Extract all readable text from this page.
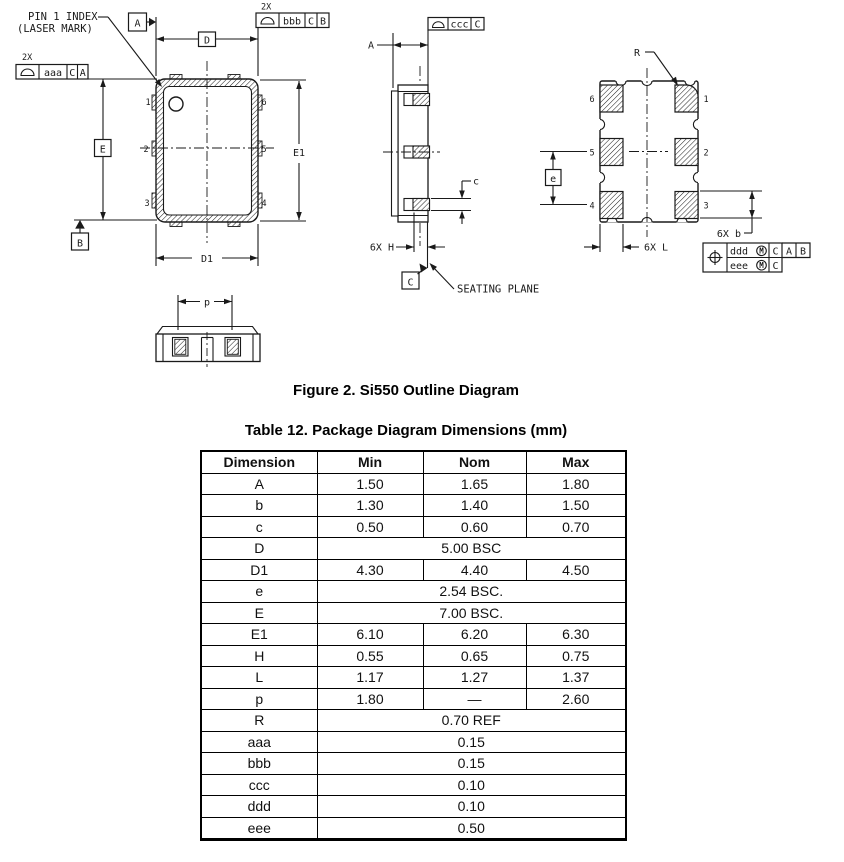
1
2
3
6
5
4
PIN 1 INDEX
(LASER MARK)	A
D
2X
aaa C A
2X
bbb C B
E
B
E1
D1
ccc C
A
c
6X H
C
SEATING PLANE
6
5
4
1
2
3
R
e
6X L
6X b
ddd M C A B
eee M C
p
Figure 2. Si550 Outline Diagram
Table 12. Package Diagram Dimensions (mm)
Dimension	Min	Nom	Max
A	1.50	1.65	1.80
b	1.30	1.40	1.50
c	0.50	0.60	0.70
D	5.00 BSC		
D1	4.30	4.40	4.50
e	2.54 BSC.		
E	7.00 BSC.		
E1	6.10	6.20	6.30
H	0.55	0.65	0.75
L	1.17	1.27	1.37
p	1.80	—	2.60
R	0.70 REF		
aaa	0.15		
bbb	0.15		
ccc	0.10		
ddd	0.10		
eee	0.50		
